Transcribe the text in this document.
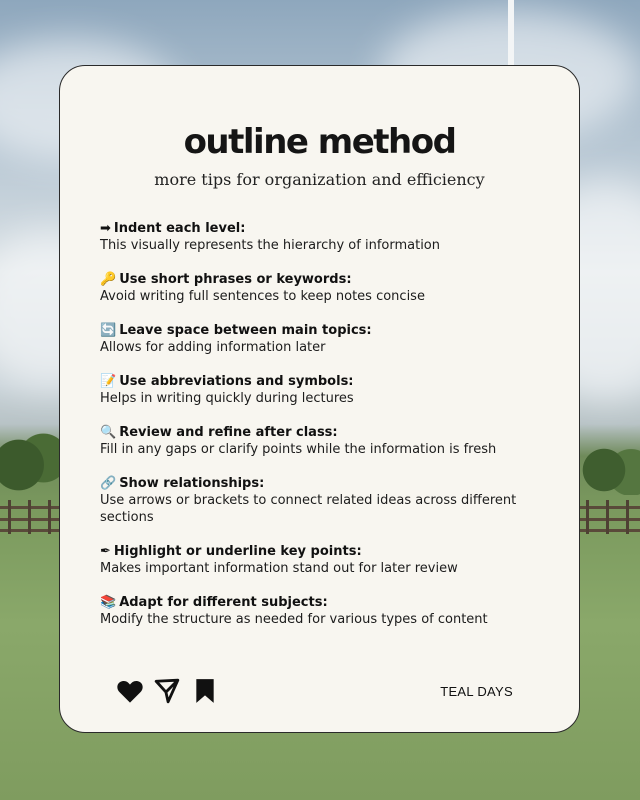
outline method

more tips for organization and efficiency

➡ Indent each level:
This visually represents the hierarchy of information
🔑 Use short phrases or keywords:
Avoid writing full sentences to keep notes concise
🔄 Leave space between main topics:
Allows for adding information later
📝 Use abbreviations and symbols:
Helps in writing quickly during lectures
🔍 Review and refine after class:
Fill in any gaps or clarify points while the information is fresh
🔗 Show relationships:
Use arrows or brackets to connect related ideas across different sections
✒ Highlight or underline key points:
Makes important information stand out for later review
📚 Adapt for different subjects:
Modify the structure as needed for various types of content
TEAL DAYS
